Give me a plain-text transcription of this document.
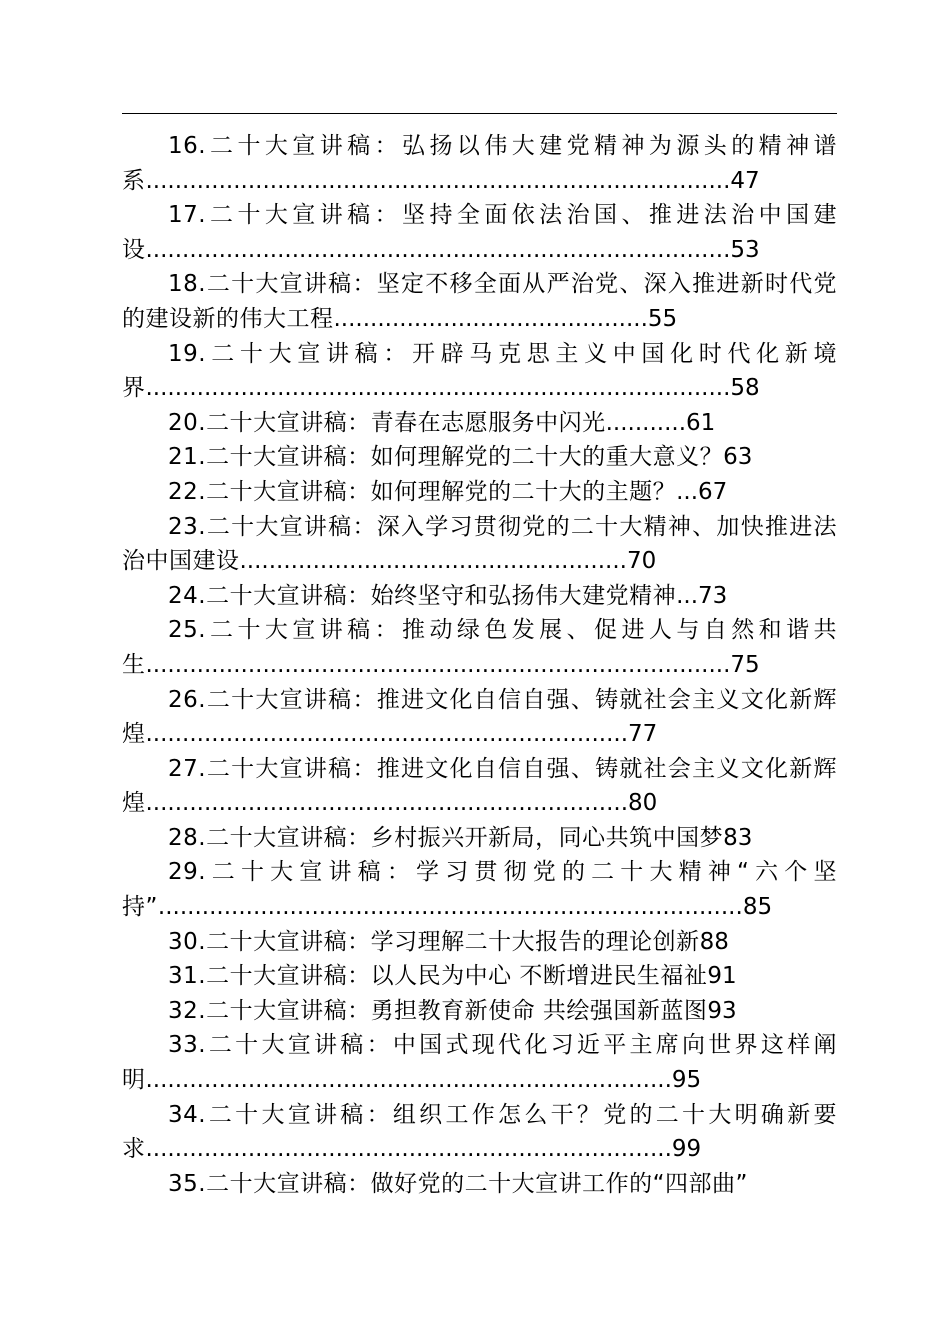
16.二十大宣讲稿：弘扬以伟大建党精神为源头的精神谱系................................................................................47

17.二十大宣讲稿：坚持全面依法治国、推进法治中国建设................................................................................53

18.二十大宣讲稿：坚定不移全面从严治党、深入推进新时代党的建设新的伟大工程...........................................55

19.二十大宣讲稿：开辟马克思主义中国化时代化新境界................................................................................58

20.二十大宣讲稿：青春在志愿服务中闪光...........61

21.二十大宣讲稿：如何理解党的二十大的重大意义？63

22.二十大宣讲稿：如何理解党的二十大的主题？...67

23.二十大宣讲稿：深入学习贯彻党的二十大精神、加快推进法治中国建设.....................................................70

24.二十大宣讲稿：始终坚守和弘扬伟大建党精神...73

25.二十大宣讲稿：推动绿色发展、促进人与自然和谐共生................................................................................75

26.二十大宣讲稿：推进文化自信自强、铸就社会主义文化新辉煌..................................................................77

27.二十大宣讲稿：推进文化自信自强、铸就社会主义文化新辉煌..................................................................80

28.二十大宣讲稿：乡村振兴开新局，同心共筑中国梦83

29.二十大宣讲稿：学习贯彻党的二十大精神“六个坚持”................................................................................85

30.二十大宣讲稿：学习理解二十大报告的理论创新88

31.二十大宣讲稿：以人民为中心 不断增进民生福祉91

32.二十大宣讲稿：勇担教育新使命 共绘强国新蓝图93

33.二十大宣讲稿：中国式现代化习近平主席向世界这样阐明........................................................................95

34.二十大宣讲稿：组织工作怎么干？党的二十大明确新要求........................................................................99

35.二十大宣讲稿：做好党的二十大宣讲工作的“四部曲”
